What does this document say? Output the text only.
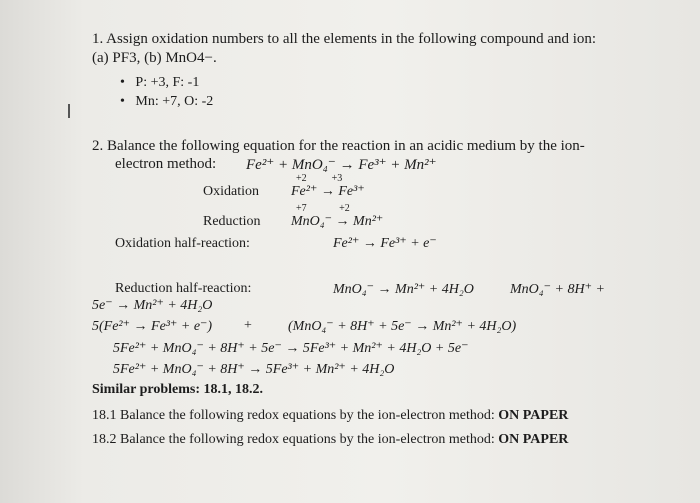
1. Assign oxidation numbers to all the elements in the following compound and ion:
(a) PF3, (b) MnO4−.
•   P: +3, F: -1
•   Mn: +7, O: -2
2. Balance the following equation for the reaction in an acidic medium by the ion-
electron method: Fe²⁺ + MnO₄⁻ → Fe³⁺ + Mn²⁺
Oxidation
+2          +3
Fe²⁺ → Fe³⁺
Reduction
+7             +2
MnO₄⁻ → Mn²⁺
Oxidation half-reaction:	Fe²⁺ → Fe³⁺ + e⁻
Reduction half-reaction:	MnO₄⁻ → Mn²⁺ + 4H₂O	MnO₄⁻ + 8H⁺ +
5e⁻ → Mn²⁺ + 4H₂O
5(Fe²⁺ → Fe³⁺ + e⁻) +	(MnO₄⁻ + 8H⁺ + 5e⁻ → Mn²⁺ + 4H₂O)
5Fe²⁺ + MnO₄⁻ + 8H⁺ + 5e⁻ → 5Fe³⁺ + Mn²⁺ + 4H₂O + 5e⁻
5Fe²⁺ + MnO₄⁻ + 8H⁺ → 5Fe³⁺ + Mn²⁺ + 4H₂O
Similar problems: 18.1, 18.2.
18.1 Balance the following redox equations by the ion-electron method: ON PAPER
18.2 Balance the following redox equations by the ion-electron method: ON PAPER
